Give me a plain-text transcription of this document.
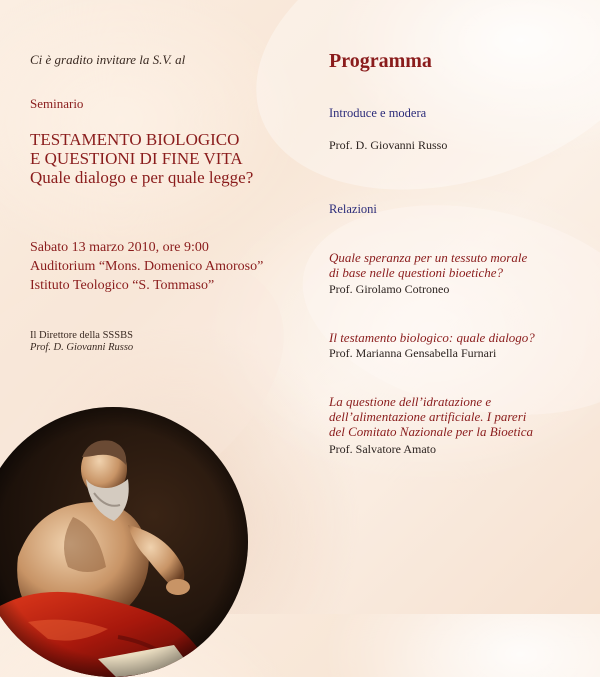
Ci è gradito invitare la S.V. al
Seminario
TESTAMENTO BIOLOGICO
E QUESTIONI DI FINE VITA
Quale dialogo e per quale legge?
Sabato 13 marzo 2010, ore 9:00
Auditorium “Mons. Domenico Amoroso”
Istituto Teologico “S. Tommaso”
Il Direttore della SSSBS
Prof. D. Giovanni Russo
Programma
Introduce e modera
Prof. D. Giovanni Russo
Relazioni
Quale speranza per un tessuto morale
di base nelle questioni bioetiche?
Prof. Girolamo Cotroneo
Il testamento biologico: quale dialogo?
Prof. Marianna Gensabella Furnari
La questione dell’idratazione e
dell’alimentazione artificiale. I pareri
del Comitato Nazionale per la Bioetica
Prof. Salvatore Amato
